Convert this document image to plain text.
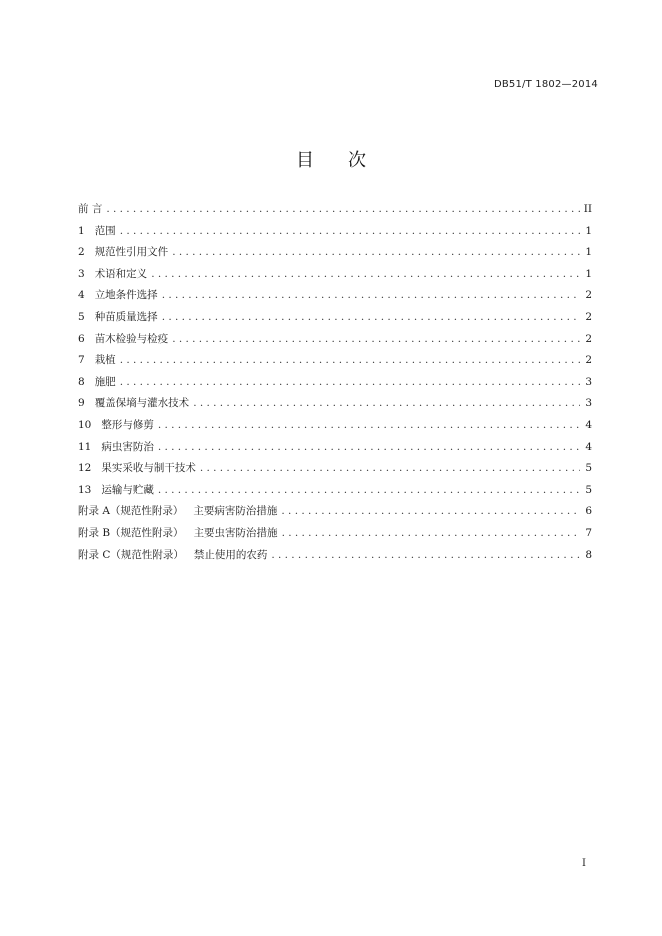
DB51/T 1802—2014
目 次
前 言 .....	II
1 范围 .....	1
2 规范性引用文件 .....	1
3 术语和定义 .....	1
4 立地条件选择 .....	2
5 种苗质量选择 .....	2
6 苗木检验与检疫 .....	2
7 栽植 .....	2
8 施肥 .....	3
9 覆盖保墒与灌水技术 .....	3
10 整形与修剪 .....	4
11 病虫害防治 .....	4
12 果实采收与制干技术 .....	5
13 运输与贮藏 .....	5
附录 A（规范性附录） 主要病害防治措施 .....	6
附录 B（规范性附录） 主要虫害防治措施 .....	7
附录 C（规范性附录） 禁止使用的农药 .....	8
I
